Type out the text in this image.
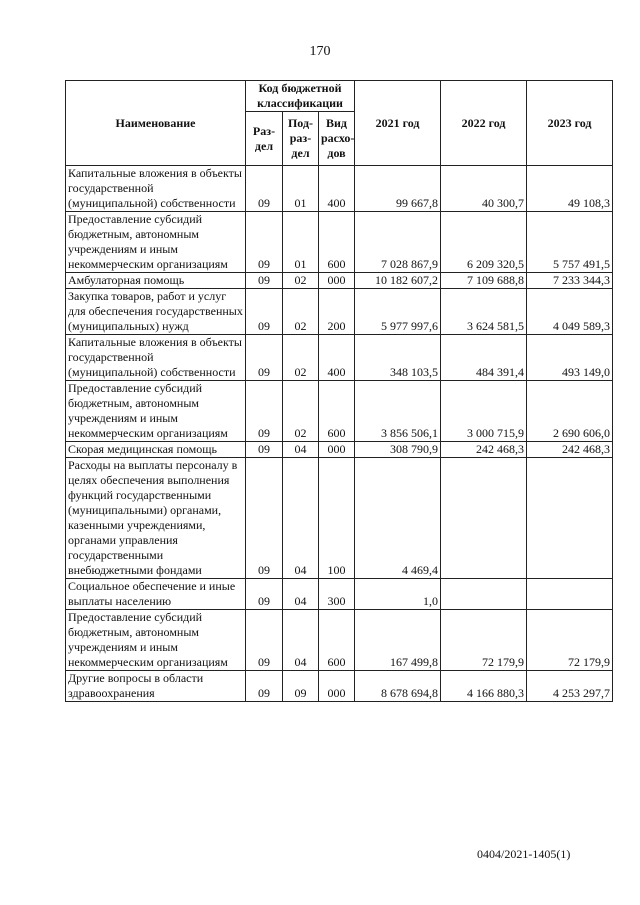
170
Наименование	Код бюджетной классификации			2021 год	2022 год	2023 год
	Раз-дел	Под-раз-дел	Вид расхо-дов			
Капитальные вложения в объекты государственной (муниципальной) собственности	09	01	400	99 667,8	40 300,7	49 108,3
Предоставление субсидий бюджетным, автономным учреждениям и иным некоммерческим организациям	09	01	600	7 028 867,9	6 209 320,5	5 757 491,5
Амбулаторная помощь	09	02	000	10 182 607,2	7 109 688,8	7 233 344,3
Закупка товаров, работ и услуг для обеспечения государственных (муниципальных) нужд	09	02	200	5 977 997,6	3 624 581,5	4 049 589,3
Капитальные вложения в объекты государственной (муниципальной) собственности	09	02	400	348 103,5	484 391,4	493 149,0
Предоставление субсидий бюджетным, автономным учреждениям и иным некоммерческим организациям	09	02	600	3 856 506,1	3 000 715,9	2 690 606,0
Скорая медицинская помощь	09	04	000	308 790,9	242 468,3	242 468,3
Расходы на выплаты персоналу в целях обеспечения выполнения функций государственными (муниципальными) органами, казенными учреждениями, органами управления государственными внебюджетными фондами	09	04	100	4 469,4		
Социальное обеспечение и иные выплаты населению	09	04	300	1,0		
Предоставление субсидий бюджетным, автономным учреждениям и иным некоммерческим организациям	09	04	600	167 499,8	72 179,9	72 179,9
Другие вопросы в области здравоохранения	09	09	000	8 678 694,8	4 166 880,3	4 253 297,7
0404/2021-1405(1)
